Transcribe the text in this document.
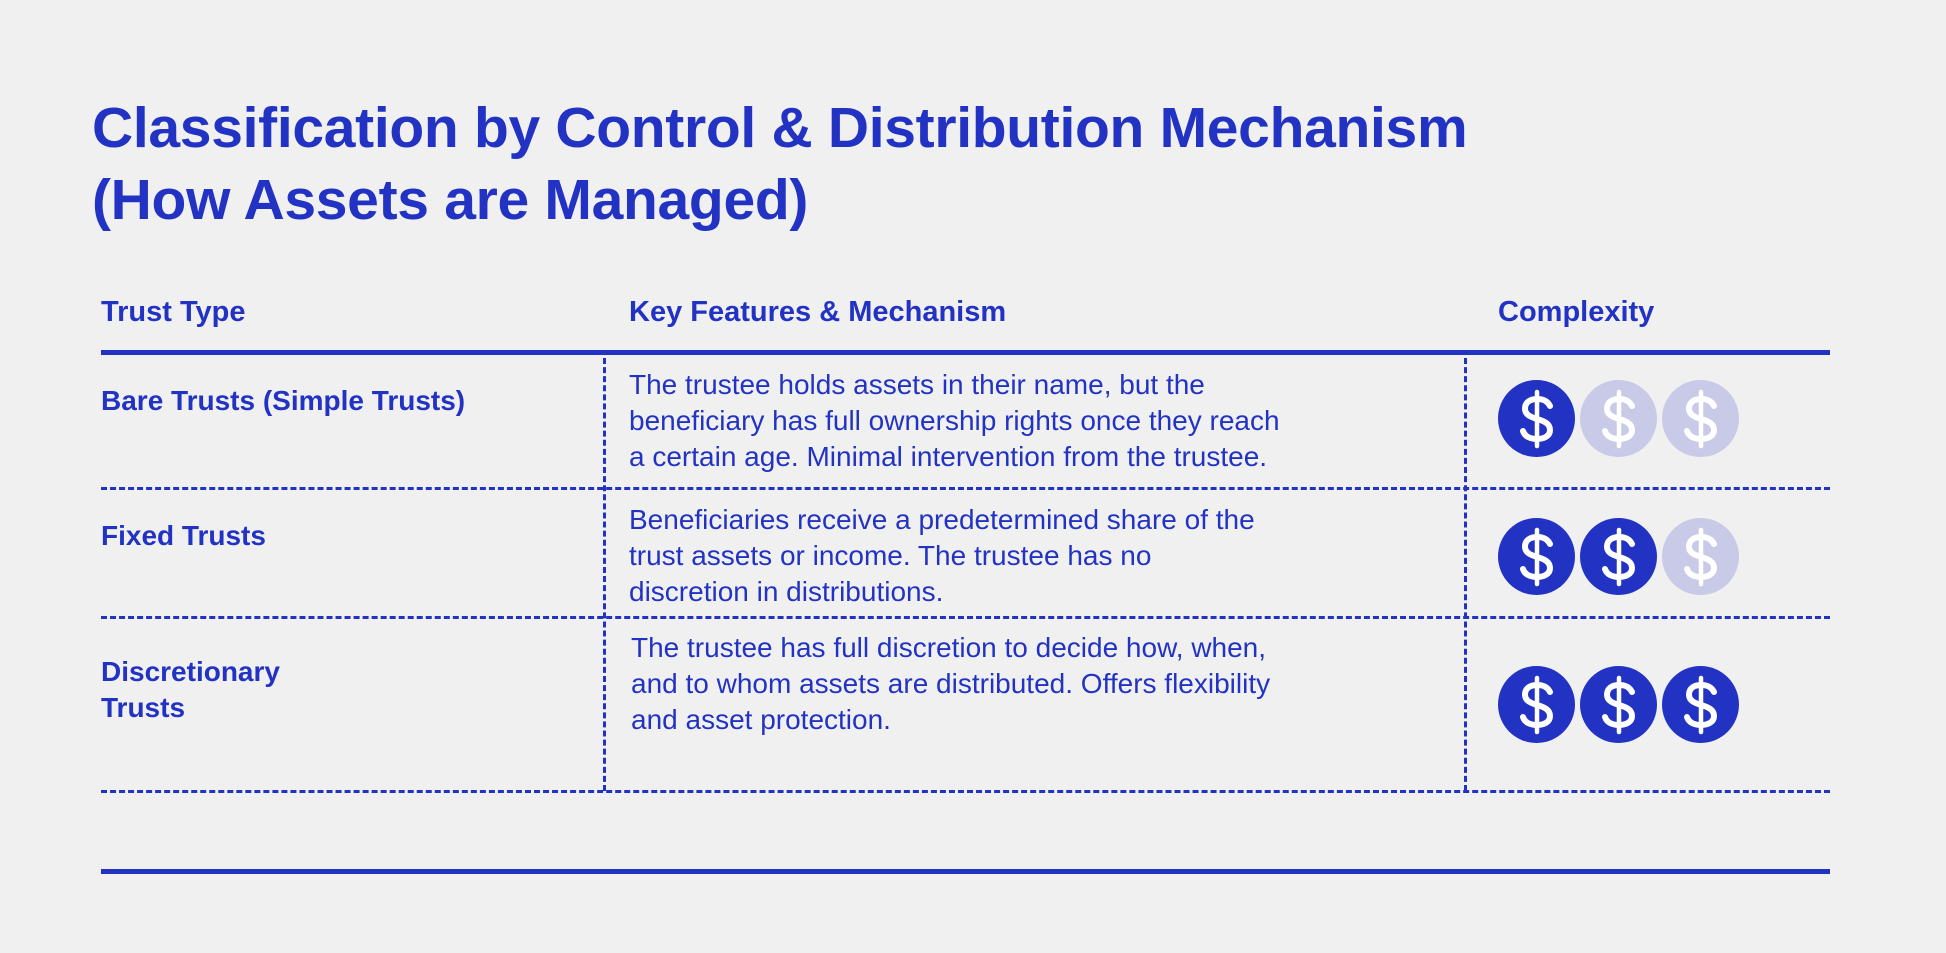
Classification by Control & Distribution Mechanism
(How Assets are Managed)
Trust Type	Key Features & Mechanism	Complexity
Bare Trusts (Simple Trusts)
The trustee holds assets in their name, but the
beneficiary has full ownership rights once they reach
a certain age. Minimal intervention from the trustee.
Fixed Trusts
Beneficiaries receive a predetermined share of the
trust assets or income. The trustee has no
discretion in distributions.
Discretionary
Trusts
The trustee has full discretion to decide how, when,
and to whom assets are distributed. Offers flexibility
and asset protection.
